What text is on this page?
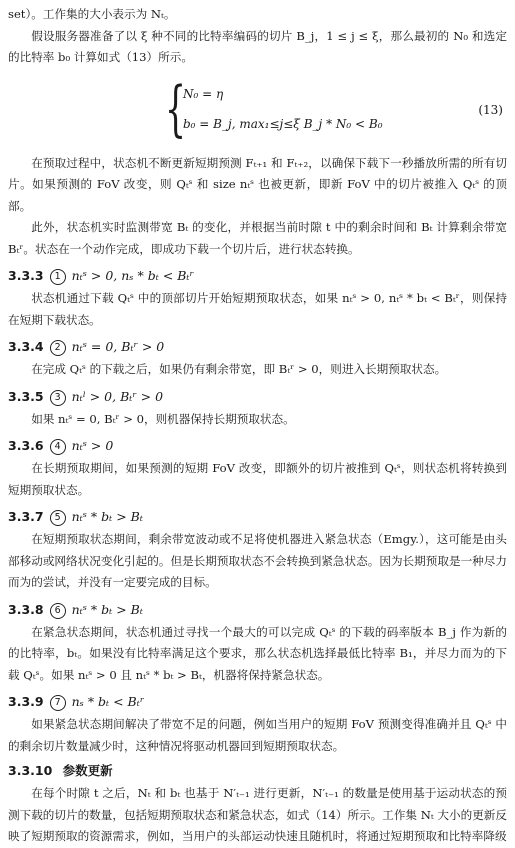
set）。工作集的大小表示为 Nₜ。

假设服务器准备了以 ξ 种不同的比特率编码的切片 B_j，1 ≤ j ≤ ξ，那么最初的 N₀ 和选定的比特率 b₀ 计算如式（13）所示。

{
N₀ = η
b₀ = B_j, max₁≤j≤ξ B_j * N₀ < B₀
(13)

在预取过程中，状态机不断更新短期预测 Fₜ₊₁ 和 Fₜ₊₂，以确保下载下一秒播放所需的所有切片。如果预测的 FoV 改变，则 Qₜˢ 和 size nₜˢ 也被更新，即新 FoV 中的切片被推入 Qₜˢ 的顶部。

此外，状态机实时监测带宽 Bₜ 的变化，并根据当前时隙 t 中的剩余时间和 Bₜ 计算剩余带宽 Bₜʳ。状态在一个动作完成，即成功下载一个切片后，进行状态转换。

3.3.3 1 nₜˢ > 0, nₛ * bₜ < Bₜʳ

状态机通过下载 Qₜˢ 中的顶部切片开始短期预取状态，如果 nₜˢ > 0, nₜˢ * bₜ < Bₜʳ，则保持在短期下载状态。

3.3.4 2 nₜˢ = 0, Bₜʳ > 0

在完成 Qₜˢ 的下载之后，如果仍有剩余带宽，即 Bₜʳ > 0，则进入长期预取状态。

3.3.5 3 nₜˡ > 0, Bₜʳ > 0

如果 nₜˢ = 0, Bₜʳ > 0，则机器保持长期预取状态。

3.3.6 4 nₜˢ > 0

在长期预取期间，如果预测的短期 FoV 改变，即额外的切片被推到 Qₜˢ，则状态机将转换到短期预取状态。

3.3.7 5 nₜˢ * bₜ > Bₜ

在短期预取状态期间，剩余带宽波动或不足将使机器进入紧急状态（Emgy.），这可能是由头部移动或网络状况变化引起的。但是长期预取状态不会转换到紧急状态。因为长期预取是一种尽力而为的尝试，并没有一定要完成的目标。

3.3.8 6 nₜˢ * bₜ > Bₜ

在紧急状态期间，状态机通过寻找一个最大的可以完成 Qₜˢ 的下载的码率版本 B_j 作为新的的比特率，bₜ。如果没有比特率满足这个要求，那么状态机选择最低比特率 B₁，并尽力而为的下载 Qₜˢ。如果 nₜˢ > 0 且 nₜˢ * bₜ > Bₜ，机器将保持紧急状态。

3.3.9 7 nₛ * bₜ < Bₜʳ

如果紧急状态期间解决了带宽不足的问题，例如当用户的短期 FoV 预测变得准确并且 Qₜˢ 中的剩余切片数量减少时，这种情况将驱动机器回到短期预取状态。

3.3.10 参数更新

在每个时隙 t 之后，Nₜ 和 bₜ 也基于 N′ₜ₋₁ 进行更新，N′ₜ₋₁ 的数量是使用基于运动状态的预测下载的切片的数量，包括短期预取状态和紧急状态，如式（14）所示。工作集 Nₜ 大小的更新反映了短期预取的资源需求，例如，当用户的头部运动快速且随机时，将通过短期预取和比特率降级
